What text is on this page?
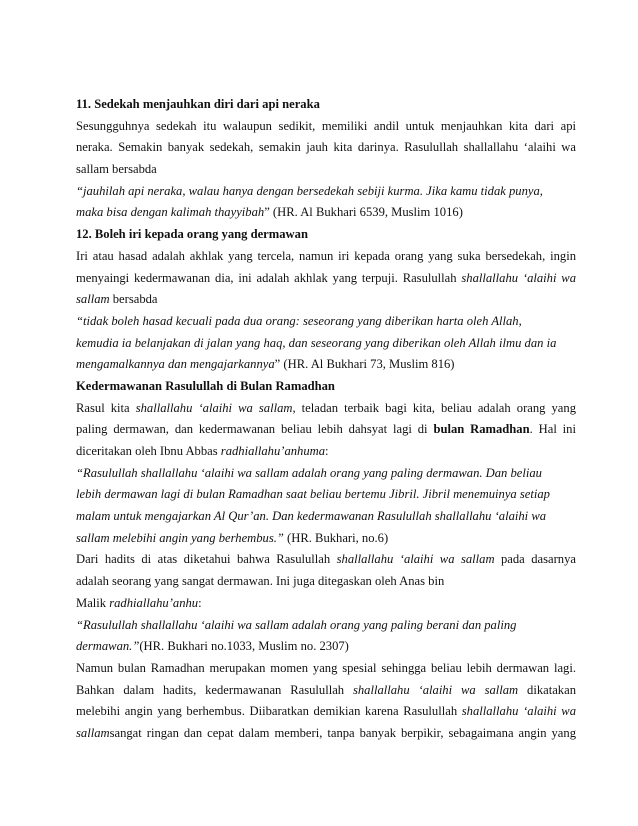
11. Sedekah menjauhkan diri dari api neraka
Sesungguhnya sedekah itu walaupun sedikit, memiliki andil untuk menjauhkan kita dari api
neraka. Semakin banyak sedekah, semakin jauh kita darinya. Rasulullah shallallahu ‘alaihi wa
sallam bersabda
“jauhilah api neraka, walau hanya dengan bersedekah sebiji kurma. Jika kamu tidak punya,
maka bisa dengan kalimah thayyibah” (HR. Al Bukhari 6539, Muslim 1016)
12. Boleh iri kepada orang yang dermawan
Iri atau hasad adalah akhlak yang tercela, namun iri kepada orang yang suka bersedekah, ingin
menyaingi kedermawanan dia, ini adalah akhlak yang terpuji. Rasulullah shallallahu ‘alaihi wa
sallam bersabda
“tidak boleh hasad kecuali pada dua orang: seseorang yang diberikan harta oleh Allah,
kemudia ia belanjakan di jalan yang haq, dan seseorang yang diberikan oleh Allah ilmu dan ia
mengamalkannya dan mengajarkannya” (HR. Al Bukhari 73, Muslim 816)
Kedermawanan Rasulullah di Bulan Ramadhan
Rasul kita shallallahu ‘alaihi wa sallam, teladan terbaik bagi kita, beliau adalah orang yang
paling dermawan, dan kedermawanan beliau lebih dahsyat lagi di bulan Ramadhan. Hal ini
diceritakan oleh Ibnu Abbas radhiallahu’anhuma:
“Rasulullah shallallahu ‘alaihi wa sallam adalah orang yang paling dermawan. Dan beliau
lebih dermawan lagi di bulan Ramadhan saat beliau bertemu Jibril. Jibril menemuinya setiap
malam untuk mengajarkan Al Qur’an. Dan kedermawanan Rasulullah shallallahu ‘alaihi wa
sallam melebihi angin yang berhembus.” (HR. Bukhari, no.6)
Dari hadits di atas diketahui bahwa Rasulullah shallallahu ‘alaihi wa sallam pada dasarnya
adalah seorang yang sangat dermawan. Ini juga ditegaskan oleh Anas bin
Malik radhiallahu’anhu:
“Rasulullah shallallahu ‘alaihi wa sallam adalah orang yang paling berani dan paling
dermawan.”(HR. Bukhari no.1033, Muslim no. 2307)
Namun bulan Ramadhan merupakan momen yang spesial sehingga beliau lebih dermawan lagi.
Bahkan dalam hadits, kedermawanan Rasulullah shallallahu ‘alaihi wa sallam dikatakan
melebihi angin yang berhembus. Diibaratkan demikian karena Rasulullah shallallahu ‘alaihi wa
sallamsangat ringan dan cepat dalam memberi, tanpa banyak berpikir, sebagaimana angin yang
